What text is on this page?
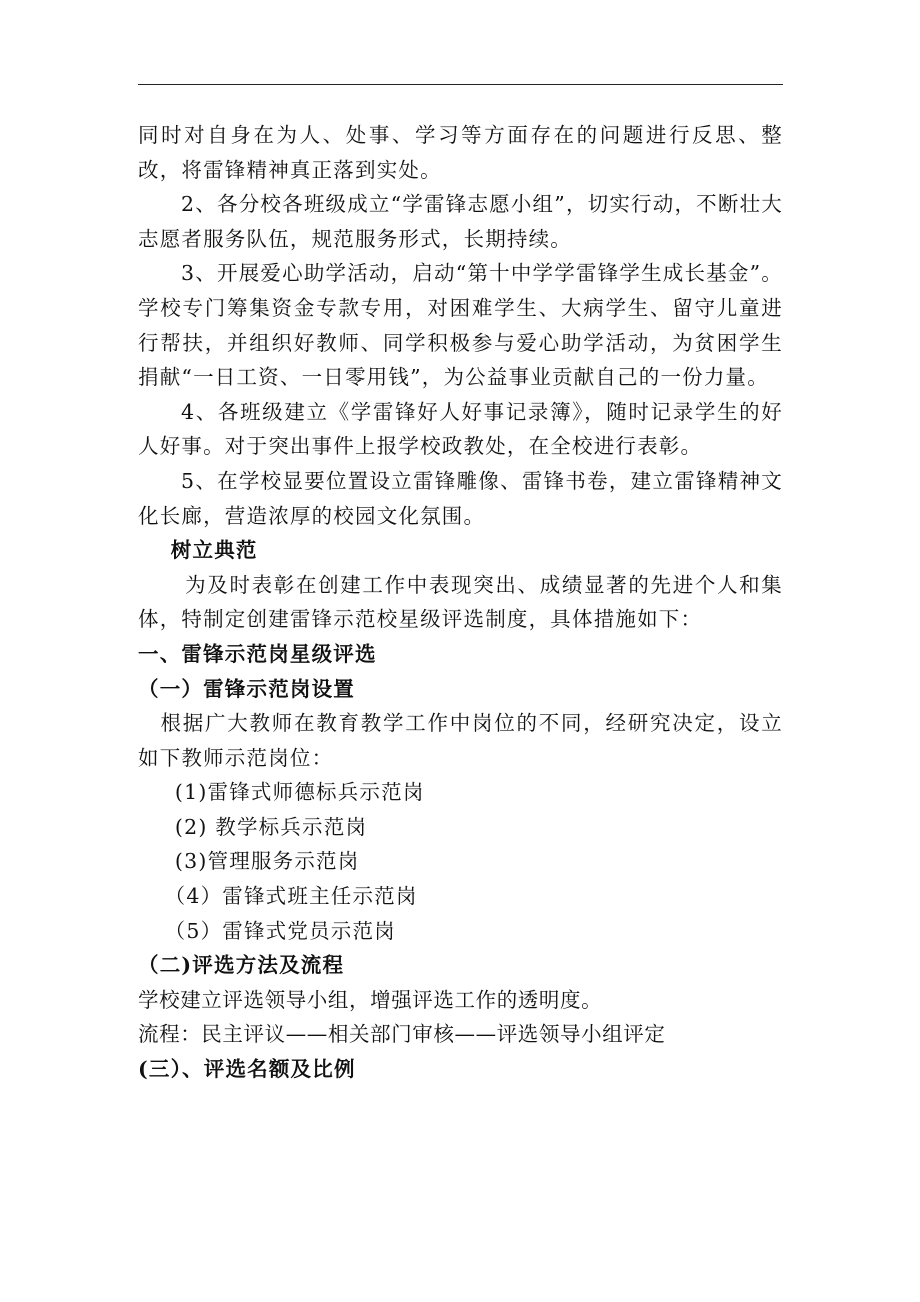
同时对自身在为人、处事、学习等方面存在的问题进行反思、整改，将雷锋精神真正落到实处。

2、各分校各班级成立“学雷锋志愿小组”，切实行动，不断壮大志愿者服务队伍，规范服务形式，长期持续。

3、开展爱心助学活动，启动“第十中学学雷锋学生成长基金”。学校专门筹集资金专款专用，对困难学生、大病学生、留守儿童进行帮扶，并组织好教师、同学积极参与爱心助学活动，为贫困学生捐献“一日工资、一日零用钱”，为公益事业贡献自己的一份力量。

4、各班级建立《学雷锋好人好事记录簿》，随时记录学生的好人好事。对于突出事件上报学校政教处，在全校进行表彰。

5、在学校显要位置设立雷锋雕像、雷锋书卷，建立雷锋精神文化长廊，营造浓厚的校园文化氛围。

树立典范

为及时表彰在创建工作中表现突出、成绩显著的先进个人和集体，特制定创建雷锋示范校星级评选制度，具体措施如下：

一、雷锋示范岗星级评选

（一）雷锋示范岗设置

根据广大教师在教育教学工作中岗位的不同，经研究决定，设立如下教师示范岗位：

(1)雷锋式师德标兵示范岗

(2) 教学标兵示范岗

(3)管理服务示范岗

（4）雷锋式班主任示范岗

（5）雷锋式党员示范岗

（二)评选方法及流程

学校建立评选领导小组，增强评选工作的透明度。

流程：民主评议——相关部门审核——评选领导小组评定

(三）、评选名额及比例
